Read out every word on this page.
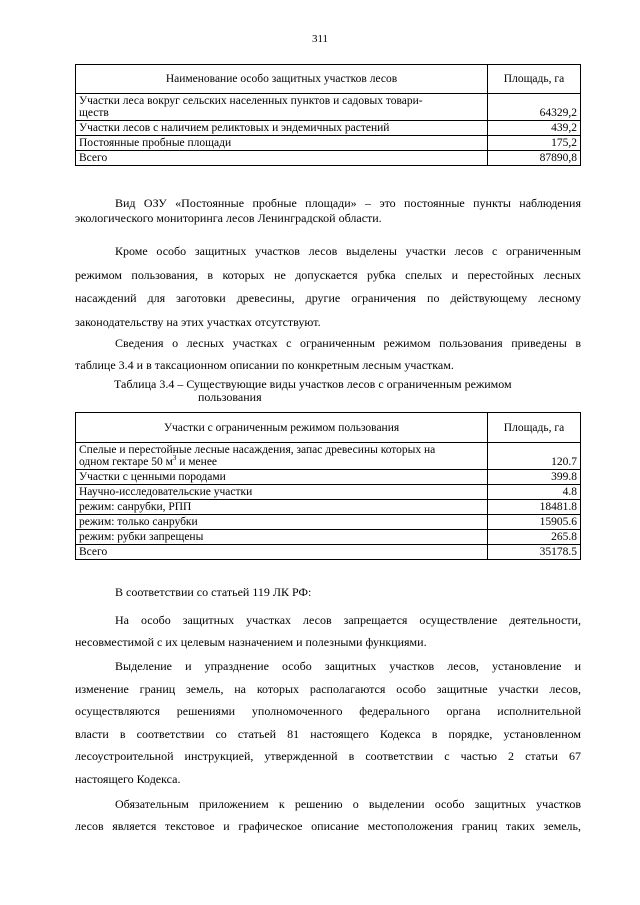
311
Наименование особо защитных участков лесов	Площадь, га
Участки леса вокруг сельских населенных пунктов и садовых товари-
ществ	64329,2
Участки лесов с наличием реликтовых и эндемичных растений	439,2
Постоянные пробные площади	175,2
Всего	87890,8
Вид ОЗУ «Постоянные пробные площади» – это постоянные пункты наблюдения
экологического мониторинга лесов Ленинградской области.
Кроме особо защитных участков лесов выделены участки лесов с ограниченным
режимом пользования, в которых не допускается рубка спелых и перестойных лесных
насаждений для заготовки древесины, другие ограничения по действующему лесному
законодательству на этих участках отсутствуют.
Сведения о лесных участках с ограниченным режимом пользования приведены в
таблице 3.4 и в таксационном описании по конкретным лесным участкам.
Таблица 3.4 – Существующие виды участков лесов с ограниченным режимом
пользования
Участки с ограниченным режимом пользования	Площадь, га
Спелые и перестойные лесные насаждения, запас древесины которых на
одном гектаре 50 $м^3$ и менее	120.7
Участки с ценными породами	399.8
Научно-исследовательские участки	4.8
режим: санрубки, РПП	18481.8
режим: только санрубки	15905.6
режим: рубки запрещены	265.8
Всего	35178.5
В соответствии со статьей 119 ЛК РФ:
На особо защитных участках лесов запрещается осуществление деятельности,
несовместимой с их целевым назначением и полезными функциями.
Выделение и упразднение особо защитных участков лесов, установление и
изменение границ земель, на которых располагаются особо защитные участки лесов,
осуществляются решениями уполномоченного федерального органа исполнительной
власти в соответствии со статьей 81 настоящего Кодекса в порядке, установленном
лесоустроительной инструкцией, утвержденной в соответствии с частью 2 статьи 67
настоящего Кодекса.
Обязательным приложением к решению о выделении особо защитных участков
лесов является текстовое и графическое описание местоположения границ таких земель,
